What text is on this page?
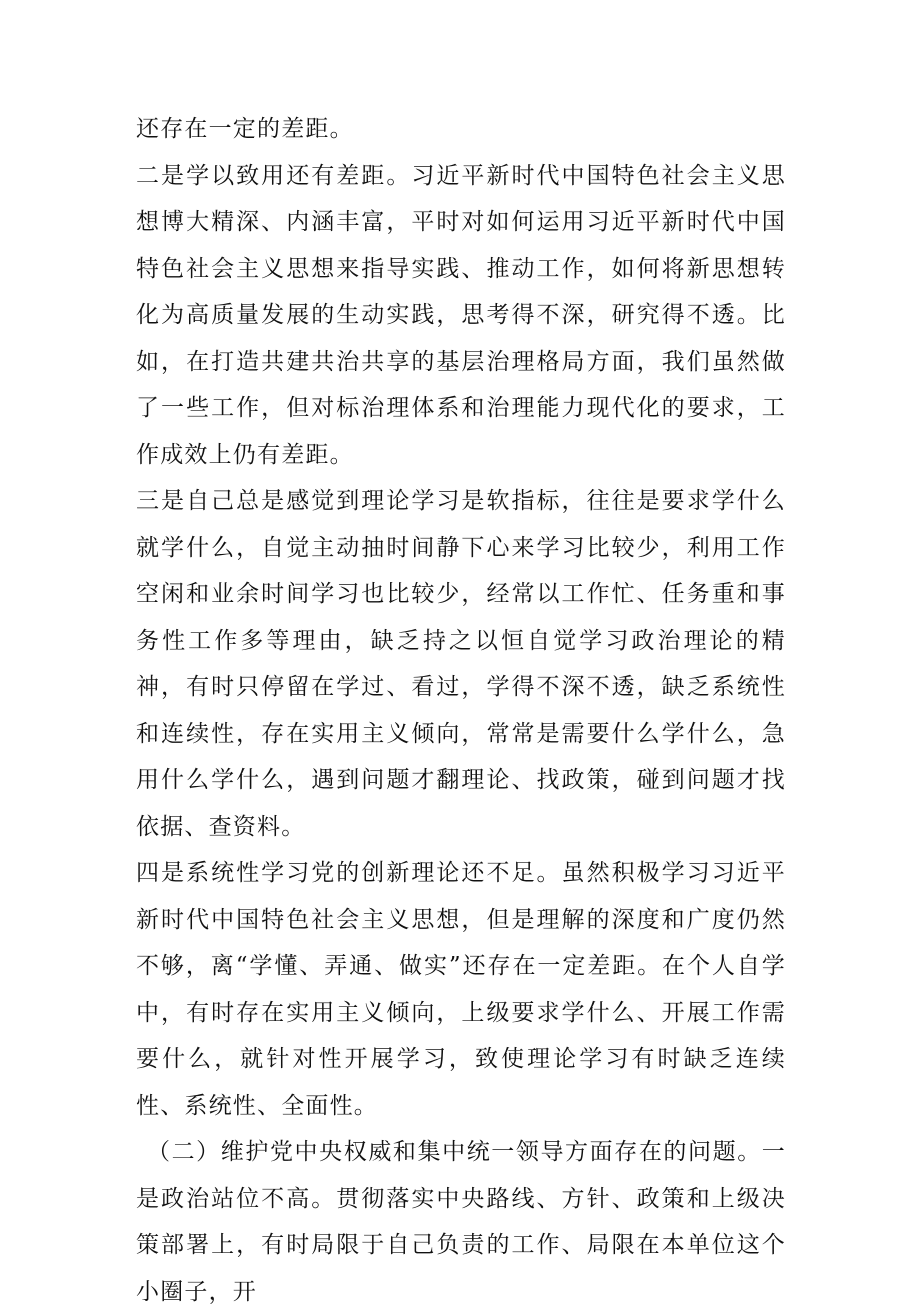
还存在一定的差距。

二是学以致用还有差距。习近平新时代中国特色社会主义思想博大精深、内涵丰富，平时对如何运用习近平新时代中国特色社会主义思想来指导实践、推动工作，如何将新思想转化为高质量发展的生动实践，思考得不深，研究得不透。比如，在打造共建共治共享的基层治理格局方面，我们虽然做了一些工作，但对标治理体系和治理能力现代化的要求，工作成效上仍有差距。

三是自己总是感觉到理论学习是软指标，往往是要求学什么就学什么，自觉主动抽时间静下心来学习比较少，利用工作空闲和业余时间学习也比较少，经常以工作忙、任务重和事务性工作多等理由，缺乏持之以恒自觉学习政治理论的精神，有时只停留在学过、看过，学得不深不透，缺乏系统性和连续性，存在实用主义倾向，常常是需要什么学什么，急用什么学什么，遇到问题才翻理论、找政策，碰到问题才找依据、查资料。

四是系统性学习党的创新理论还不足。虽然积极学习习近平新时代中国特色社会主义思想，但是理解的深度和广度仍然不够，离“学懂、弄通、做实”还存在一定差距。在个人自学中，有时存在实用主义倾向，上级要求学什么、开展工作需要什么，就针对性开展学习，致使理论学习有时缺乏连续性、系统性、全面性。

（二）维护党中央权威和集中统一领导方面存在的问题。一是政治站位不高。贯彻落实中央路线、方针、政策和上级决策部署上，有时局限于自己负责的工作、局限在本单位这个小圈子，开
